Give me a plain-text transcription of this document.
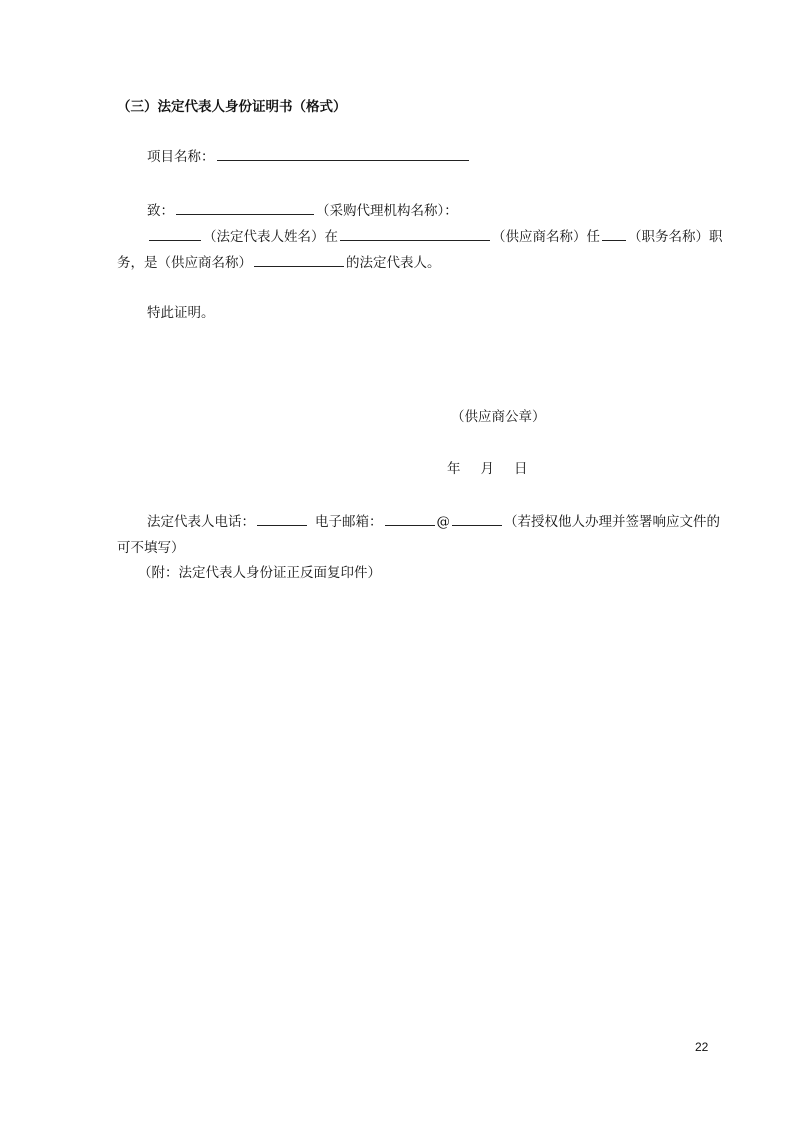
（三）法定代表人身份证明书（格式）
项目名称：
致：	（采购代理机构名称）：
（法定代表人姓名）在	（供应商名称）任 （职务名称）职
务，是（供应商名称）	的法定代表人。
特此证明。
（供应商公章）
年 月 日
法定代表人电话：	电子邮箱：	@	（若授权他人办理并签署响应文件的
可不填写）
（附：法定代表人身份证正反面复印件）
22
